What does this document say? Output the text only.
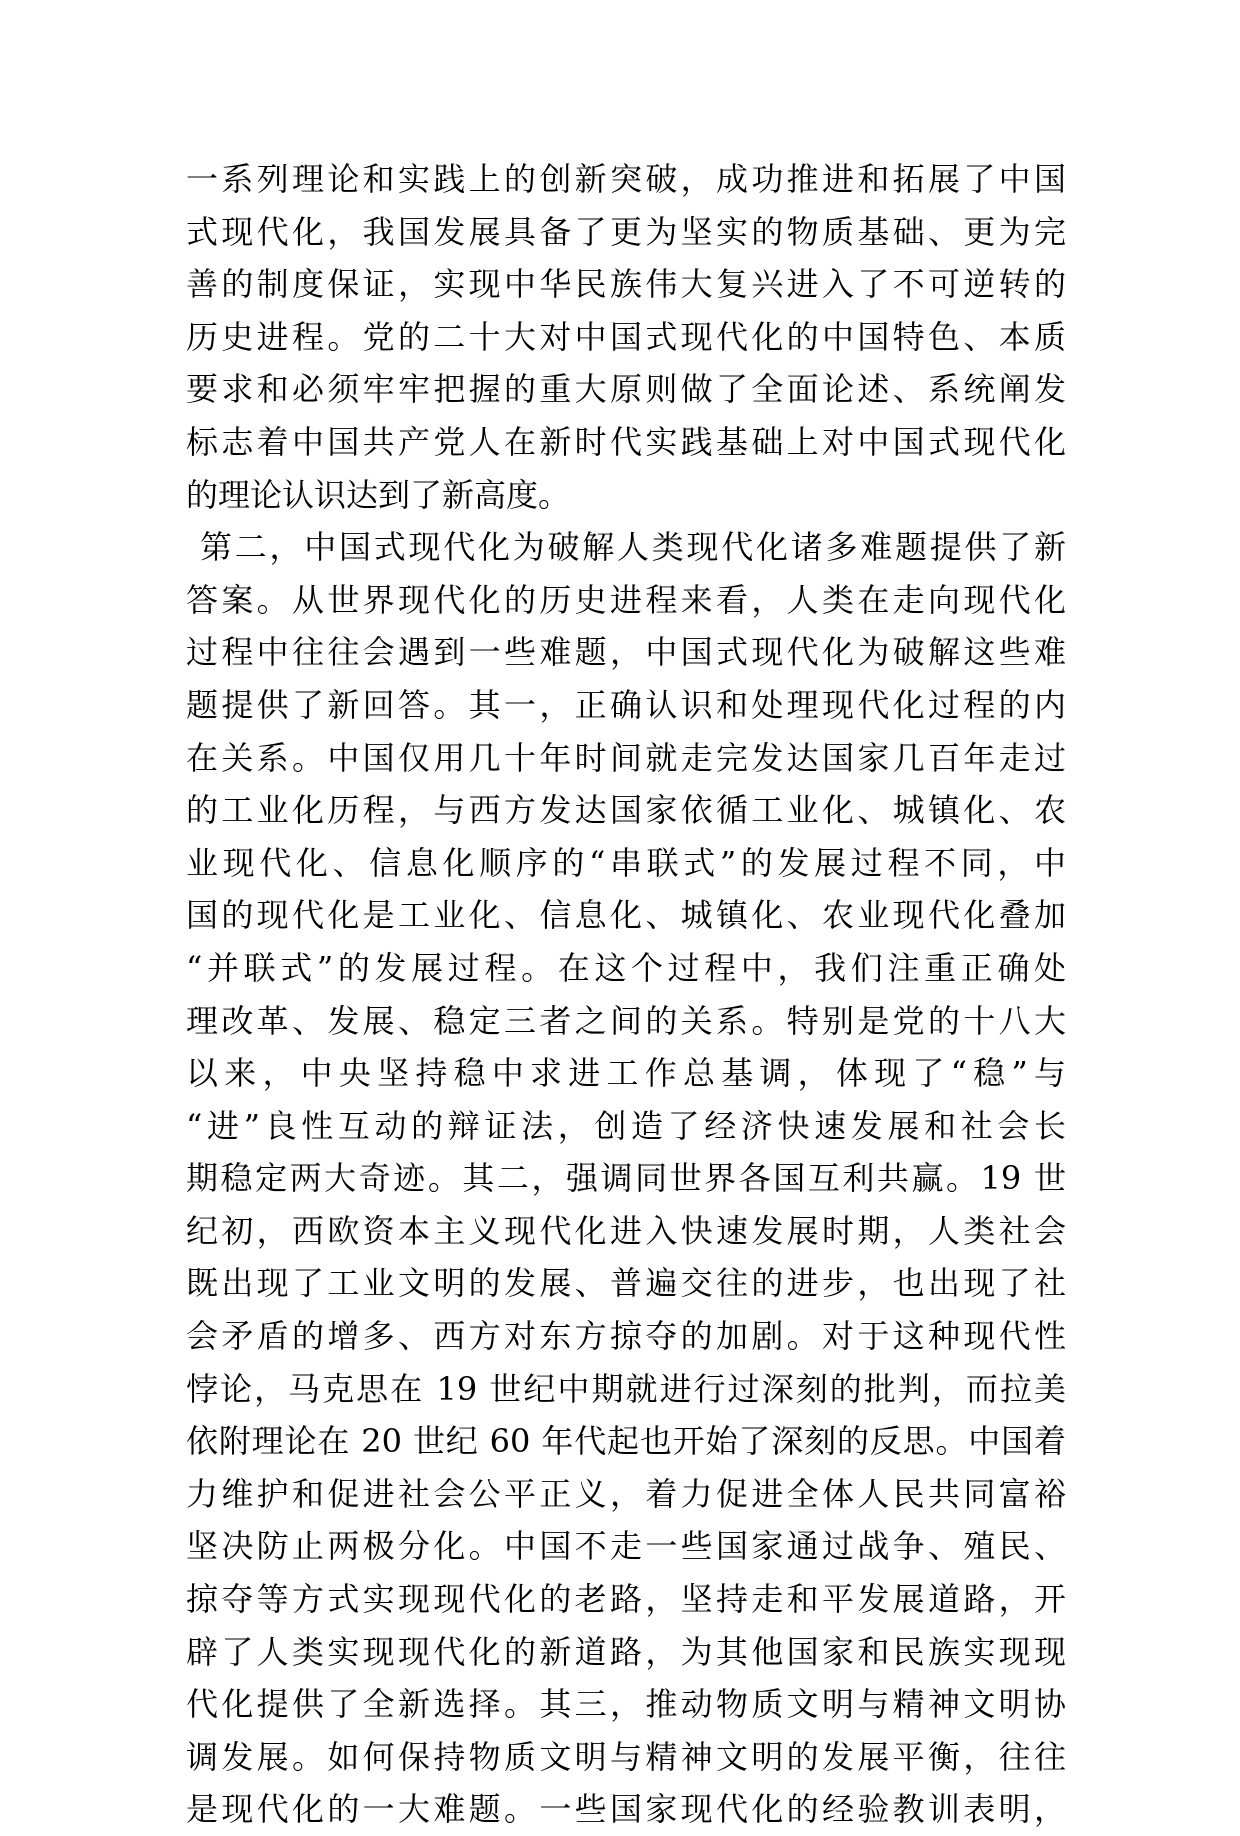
一系列理论和实践上的创新突破，成功推进和拓展了中国
式现代化，我国发展具备了更为坚实的物质基础、更为完
善的制度保证，实现中华民族伟大复兴进入了不可逆转的
历史进程。党的二十大对中国式现代化的中国特色、本质
要求和必须牢牢把握的重大原则做了全面论述、系统阐发
标志着中国共产党人在新时代实践基础上对中国式现代化
的理论认识达到了新高度。
第二，中国式现代化为破解人类现代化诸多难题提供了新
答案。从世界现代化的历史进程来看，人类在走向现代化
过程中往往会遇到一些难题，中国式现代化为破解这些难
题提供了新回答。其一，正确认识和处理现代化过程的内
在关系。中国仅用几十年时间就走完发达国家几百年走过
的工业化历程，与西方发达国家依循工业化、城镇化、农
业现代化、信息化顺序的“串联式”的发展过程不同，中
国的现代化是工业化、信息化、城镇化、农业现代化叠加
“并联式”的发展过程。在这个过程中，我们注重正确处
理改革、发展、稳定三者之间的关系。特别是党的十八大
以来，中央坚持稳中求进工作总基调，体现了“稳”与
“进”良性互动的辩证法，创造了经济快速发展和社会长
期稳定两大奇迹。其二，强调同世界各国互利共赢。19 世
纪初，西欧资本主义现代化进入快速发展时期，人类社会
既出现了工业文明的发展、普遍交往的进步，也出现了社
会矛盾的增多、西方对东方掠夺的加剧。对于这种现代性
悖论，马克思在 19 世纪中期就进行过深刻的批判，而拉美
依附理论在 20 世纪 60 年代起也开始了深刻的反思。中国着
力维护和促进社会公平正义，着力促进全体人民共同富裕
坚决防止两极分化。中国不走一些国家通过战争、殖民、
掠夺等方式实现现代化的老路，坚持走和平发展道路，开
辟了人类实现现代化的新道路，为其他国家和民族实现现
代化提供了全新选择。其三，推动物质文明与精神文明协
调发展。如何保持物质文明与精神文明的发展平衡，往往
是现代化的一大难题。一些国家现代化的经验教训表明，
